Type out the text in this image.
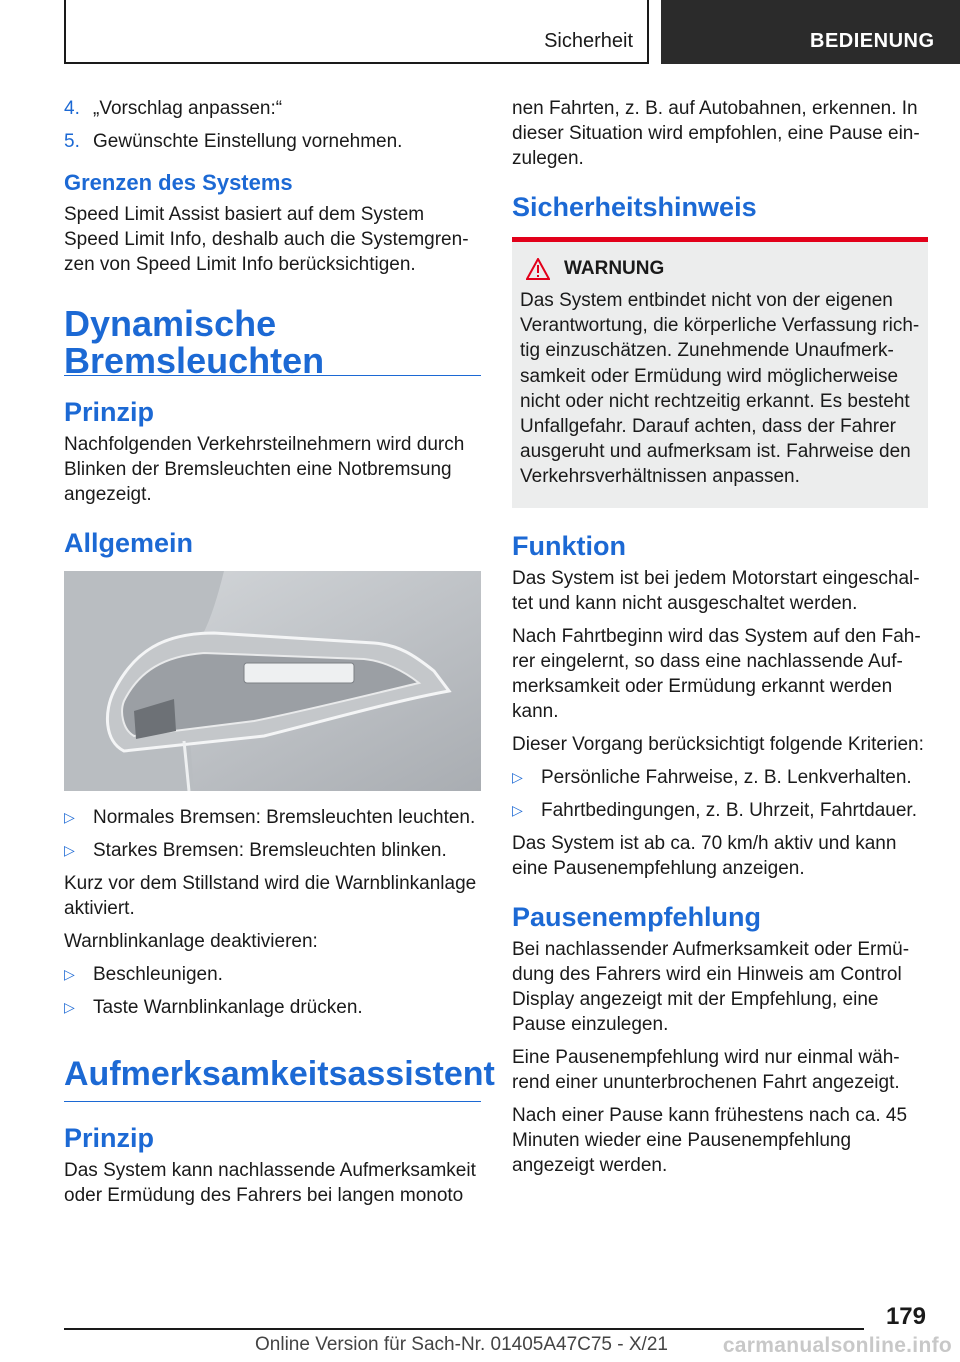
Sicherheit	BEDIENUNG
4. „Vorschlag anpassen:“
5. Gewünschte Einstellung vornehmen.
Grenzen des Systems

Speed Limit Assist basiert auf dem System Speed Limit Info, deshalb auch die Systemgrenzen von Speed Limit Info berücksichtigen.

Dynamische Bremsleuchten
Prinzip

Nachfolgenden Verkehrsteilnehmern wird durch Blinken der Bremsleuchten eine Notbremsung angezeigt.

Allgemein
▷ Normales Bremsen: Bremsleuchten leuchten.
▷ Starkes Bremsen: Bremsleuchten blinken.

Kurz vor dem Stillstand wird die Warnblinkanlage aktiviert.

Warnblinkanlage deaktivieren:

▷ Beschleunigen.
▷ Taste Warnblinkanlage drücken.
Aufmerksamkeitsassistent
Prinzip

Das System kann nachlassende Aufmerksamkeit oder Ermüdung des Fahrers bei langen monoto

nen Fahrten, z. B. auf Autobahnen, erkennen. In dieser Situation wird empfohlen, eine Pause einzulegen.

Sicherheitshinweis
WARNUNG

Das System entbindet nicht von der eigenen Verantwortung, die körperliche Verfassung richtig einzuschätzen. Zunehmende Unaufmerksamkeit oder Ermüdung wird möglicherweise nicht oder nicht rechtzeitig erkannt. Es besteht Unfallgefahr. Darauf achten, dass der Fahrer ausgeruht und aufmerksam ist. Fahrweise den Verkehrsverhältnissen anpassen.

Funktion

Das System ist bei jedem Motorstart eingeschaltet und kann nicht ausgeschaltet werden.

Nach Fahrtbeginn wird das System auf den Fahrer eingelernt, so dass eine nachlassende Aufmerksamkeit oder Ermüdung erkannt werden kann.

Dieser Vorgang berücksichtigt folgende Kriterien:

▷ Persönliche Fahrweise, z. B. Lenkverhalten.
▷ Fahrtbedingungen, z. B. Uhrzeit, Fahrtdauer.

Das System ist ab ca. 70 km/h aktiv und kann eine Pausenempfehlung anzeigen.

Pausenempfehlung

Bei nachlassender Aufmerksamkeit oder Ermüdung des Fahrers wird ein Hinweis am Control Display angezeigt mit der Empfehlung, eine Pause einzulegen.

Eine Pausenempfehlung wird nur einmal während einer ununterbrochenen Fahrt angezeigt.

Nach einer Pause kann frühestens nach ca. 45 Minuten wieder eine Pausenempfehlung angezeigt werden.

179
Online Version für Sach-Nr. 01405A47C75 - X/21	carmanualsonline.info
